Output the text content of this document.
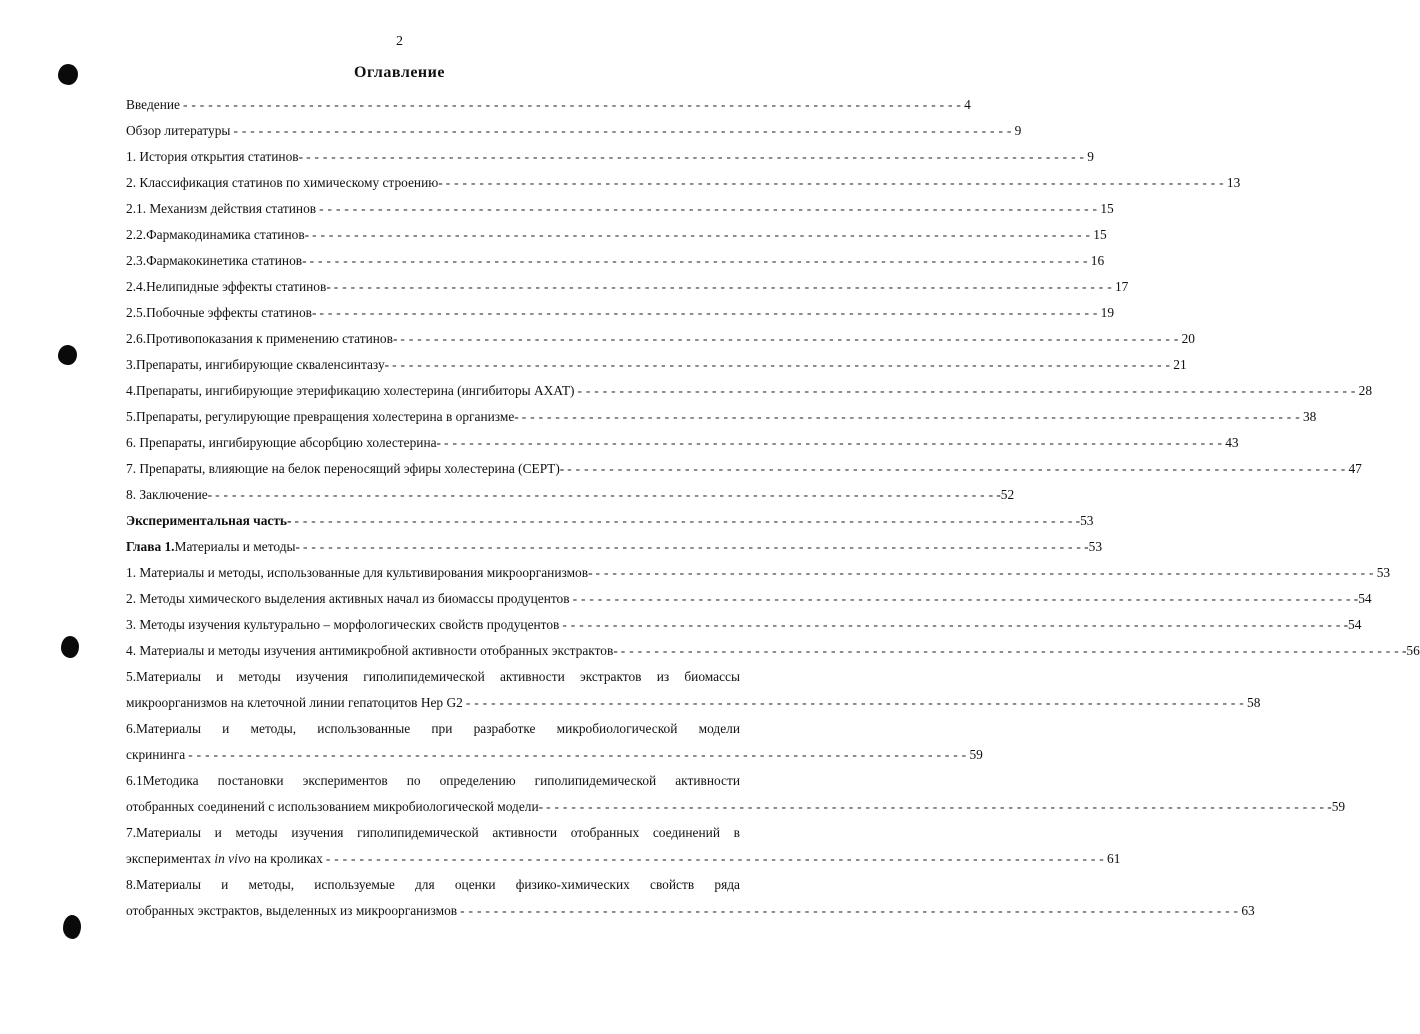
2
Оглавление
Введение - - - - - - - - - - - - - - - - - - - - - - - - - - - - - - - - - - - - - - - - - - - - - - - - - - - - - - - - - - - - - - - - - - - - - - - - - - - - - - - - - - - - - - - - - - - - - 4
Обзор литературы - - - - - - - - - - - - - - - - - - - - - - - - - - - - - - - - - - - - - - - - - - - - - - - - - - - - - - - - - - - - - - - - - - - - - - - - - - - - - - - - - - - - - - - - - - - - - 9
1. История открытия статинов- - - - - - - - - - - - - - - - - - - - - - - - - - - - - - - - - - - - - - - - - - - - - - - - - - - - - - - - - - - - - - - - - - - - - - - - - - - - - - - - - - - - - - - - - - - - - - 9
2. Классификация статинов по химическому строению- - - - - - - - - - - - - - - - - - - - - - - - - - - - - - - - - - - - - - - - - - - - - - - - - - - - - - - - - - - - - - - - - - - - - - - - - - - - - - - - - - - - - - - - - - - - - - 13
2.1. Механизм действия статинов - - - - - - - - - - - - - - - - - - - - - - - - - - - - - - - - - - - - - - - - - - - - - - - - - - - - - - - - - - - - - - - - - - - - - - - - - - - - - - - - - - - - - - - - - - - - - 15
2.2.Фармакодинамика статинов- - - - - - - - - - - - - - - - - - - - - - - - - - - - - - - - - - - - - - - - - - - - - - - - - - - - - - - - - - - - - - - - - - - - - - - - - - - - - - - - - - - - - - - - - - - - - - 15
2.3.Фармакокинетика статинов- - - - - - - - - - - - - - - - - - - - - - - - - - - - - - - - - - - - - - - - - - - - - - - - - - - - - - - - - - - - - - - - - - - - - - - - - - - - - - - - - - - - - - - - - - - - - - 16
2.4.Нелипидные эффекты статинов- - - - - - - - - - - - - - - - - - - - - - - - - - - - - - - - - - - - - - - - - - - - - - - - - - - - - - - - - - - - - - - - - - - - - - - - - - - - - - - - - - - - - - - - - - - - - - 17
2.5.Побочные эффекты статинов- - - - - - - - - - - - - - - - - - - - - - - - - - - - - - - - - - - - - - - - - - - - - - - - - - - - - - - - - - - - - - - - - - - - - - - - - - - - - - - - - - - - - - - - - - - - - - 19
2.6.Противопоказания к применению статинов- - - - - - - - - - - - - - - - - - - - - - - - - - - - - - - - - - - - - - - - - - - - - - - - - - - - - - - - - - - - - - - - - - - - - - - - - - - - - - - - - - - - - - - - - - - - - - 20
3.Препараты, ингибирующие скваленсинтазу- - - - - - - - - - - - - - - - - - - - - - - - - - - - - - - - - - - - - - - - - - - - - - - - - - - - - - - - - - - - - - - - - - - - - - - - - - - - - - - - - - - - - - - - - - - - - - 21
4.Препараты, ингибирующие этерификацию холестерина (ингибиторы АХАТ) - - - - - - - - - - - - - - - - - - - - - - - - - - - - - - - - - - - - - - - - - - - - - - - - - - - - - - - - - - - - - - - - - - - - - - - - - - - - - - - - - - - - - - - - - - - - - 28
5.Препараты, регулирующие превращения холестерина в организме- - - - - - - - - - - - - - - - - - - - - - - - - - - - - - - - - - - - - - - - - - - - - - - - - - - - - - - - - - - - - - - - - - - - - - - - - - - - - - - - - - - - - - - - - - - - - - 38
6. Препараты, ингибирующие абсорбцию холестерина- - - - - - - - - - - - - - - - - - - - - - - - - - - - - - - - - - - - - - - - - - - - - - - - - - - - - - - - - - - - - - - - - - - - - - - - - - - - - - - - - - - - - - - - - - - - - - 43
7. Препараты, влияющие на белок переносящий эфиры холестерина (CEPT)- - - - - - - - - - - - - - - - - - - - - - - - - - - - - - - - - - - - - - - - - - - - - - - - - - - - - - - - - - - - - - - - - - - - - - - - - - - - - - - - - - - - - - - - - - - - - - 47
8. Заключение- - - - - - - - - - - - - - - - - - - - - - - - - - - - - - - - - - - - - - - - - - - - - - - - - - - - - - - - - - - - - - - - - - - - - - - - - - - - - - - - - - - - - - - - - - - - - - -52
Экспериментальная часть- - - - - - - - - - - - - - - - - - - - - - - - - - - - - - - - - - - - - - - - - - - - - - - - - - - - - - - - - - - - - - - - - - - - - - - - - - - - - - - - - - - - - - - - - - - - - - -53
Глава 1.Материалы и методы- - - - - - - - - - - - - - - - - - - - - - - - - - - - - - - - - - - - - - - - - - - - - - - - - - - - - - - - - - - - - - - - - - - - - - - - - - - - - - - - - - - - - - - - - - - - - - -53
1. Материалы и методы, использованные для культивирования микроорганизмов- - - - - - - - - - - - - - - - - - - - - - - - - - - - - - - - - - - - - - - - - - - - - - - - - - - - - - - - - - - - - - - - - - - - - - - - - - - - - - - - - - - - - - - - - - - - - - 53
2. Методы химического выделения активных начал из биомассы продуцентов - - - - - - - - - - - - - - - - - - - - - - - - - - - - - - - - - - - - - - - - - - - - - - - - - - - - - - - - - - - - - - - - - - - - - - - - - - - - - - - - - - - - - - - - - - - - - -54
3. Методы изучения культурально – морфологических свойств продуцентов - - - - - - - - - - - - - - - - - - - - - - - - - - - - - - - - - - - - - - - - - - - - - - - - - - - - - - - - - - - - - - - - - - - - - - - - - - - - - - - - - - - - - - - - - - - - - -54
4. Материалы и методы изучения антимикробной активности отобранных экстрактов- - - - - - - - - - - - - - - - - - - - - - - - - - - - - - - - - - - - - - - - - - - - - - - - - - - - - - - - - - - - - - - - - - - - - - - - - - - - - - - - - - - - - - - - - - - - - - -56
5.Материалы и методы изучения гиполипидемической активности экстрактов из биомассы
микроорганизмов на клеточной линии гепатоцитов Hep G2 - - - - - - - - - - - - - - - - - - - - - - - - - - - - - - - - - - - - - - - - - - - - - - - - - - - - - - - - - - - - - - - - - - - - - - - - - - - - - - - - - - - - - - - - - - - - - 58
6.Материалы и методы, использованные при разработке микробиологической модели
скрининга - - - - - - - - - - - - - - - - - - - - - - - - - - - - - - - - - - - - - - - - - - - - - - - - - - - - - - - - - - - - - - - - - - - - - - - - - - - - - - - - - - - - - - - - - - - - - 59
6.1Методика постановки экспериментов по определению гиполипидемической активности
отобранных соединений с использованием микробиологической модели- - - - - - - - - - - - - - - - - - - - - - - - - - - - - - - - - - - - - - - - - - - - - - - - - - - - - - - - - - - - - - - - - - - - - - - - - - - - - - - - - - - - - - - - - - - - - - -59
7.Материалы и методы изучения гиполипидемической активности отобранных соединений в
экспериментах in vivo на кроликах - - - - - - - - - - - - - - - - - - - - - - - - - - - - - - - - - - - - - - - - - - - - - - - - - - - - - - - - - - - - - - - - - - - - - - - - - - - - - - - - - - - - - - - - - - - - - 61
8.Материалы и методы, используемые для оценки физико-химических свойств ряда
отобранных экстрактов, выделенных из микроорганизмов - - - - - - - - - - - - - - - - - - - - - - - - - - - - - - - - - - - - - - - - - - - - - - - - - - - - - - - - - - - - - - - - - - - - - - - - - - - - - - - - - - - - - - - - - - - - - 63
